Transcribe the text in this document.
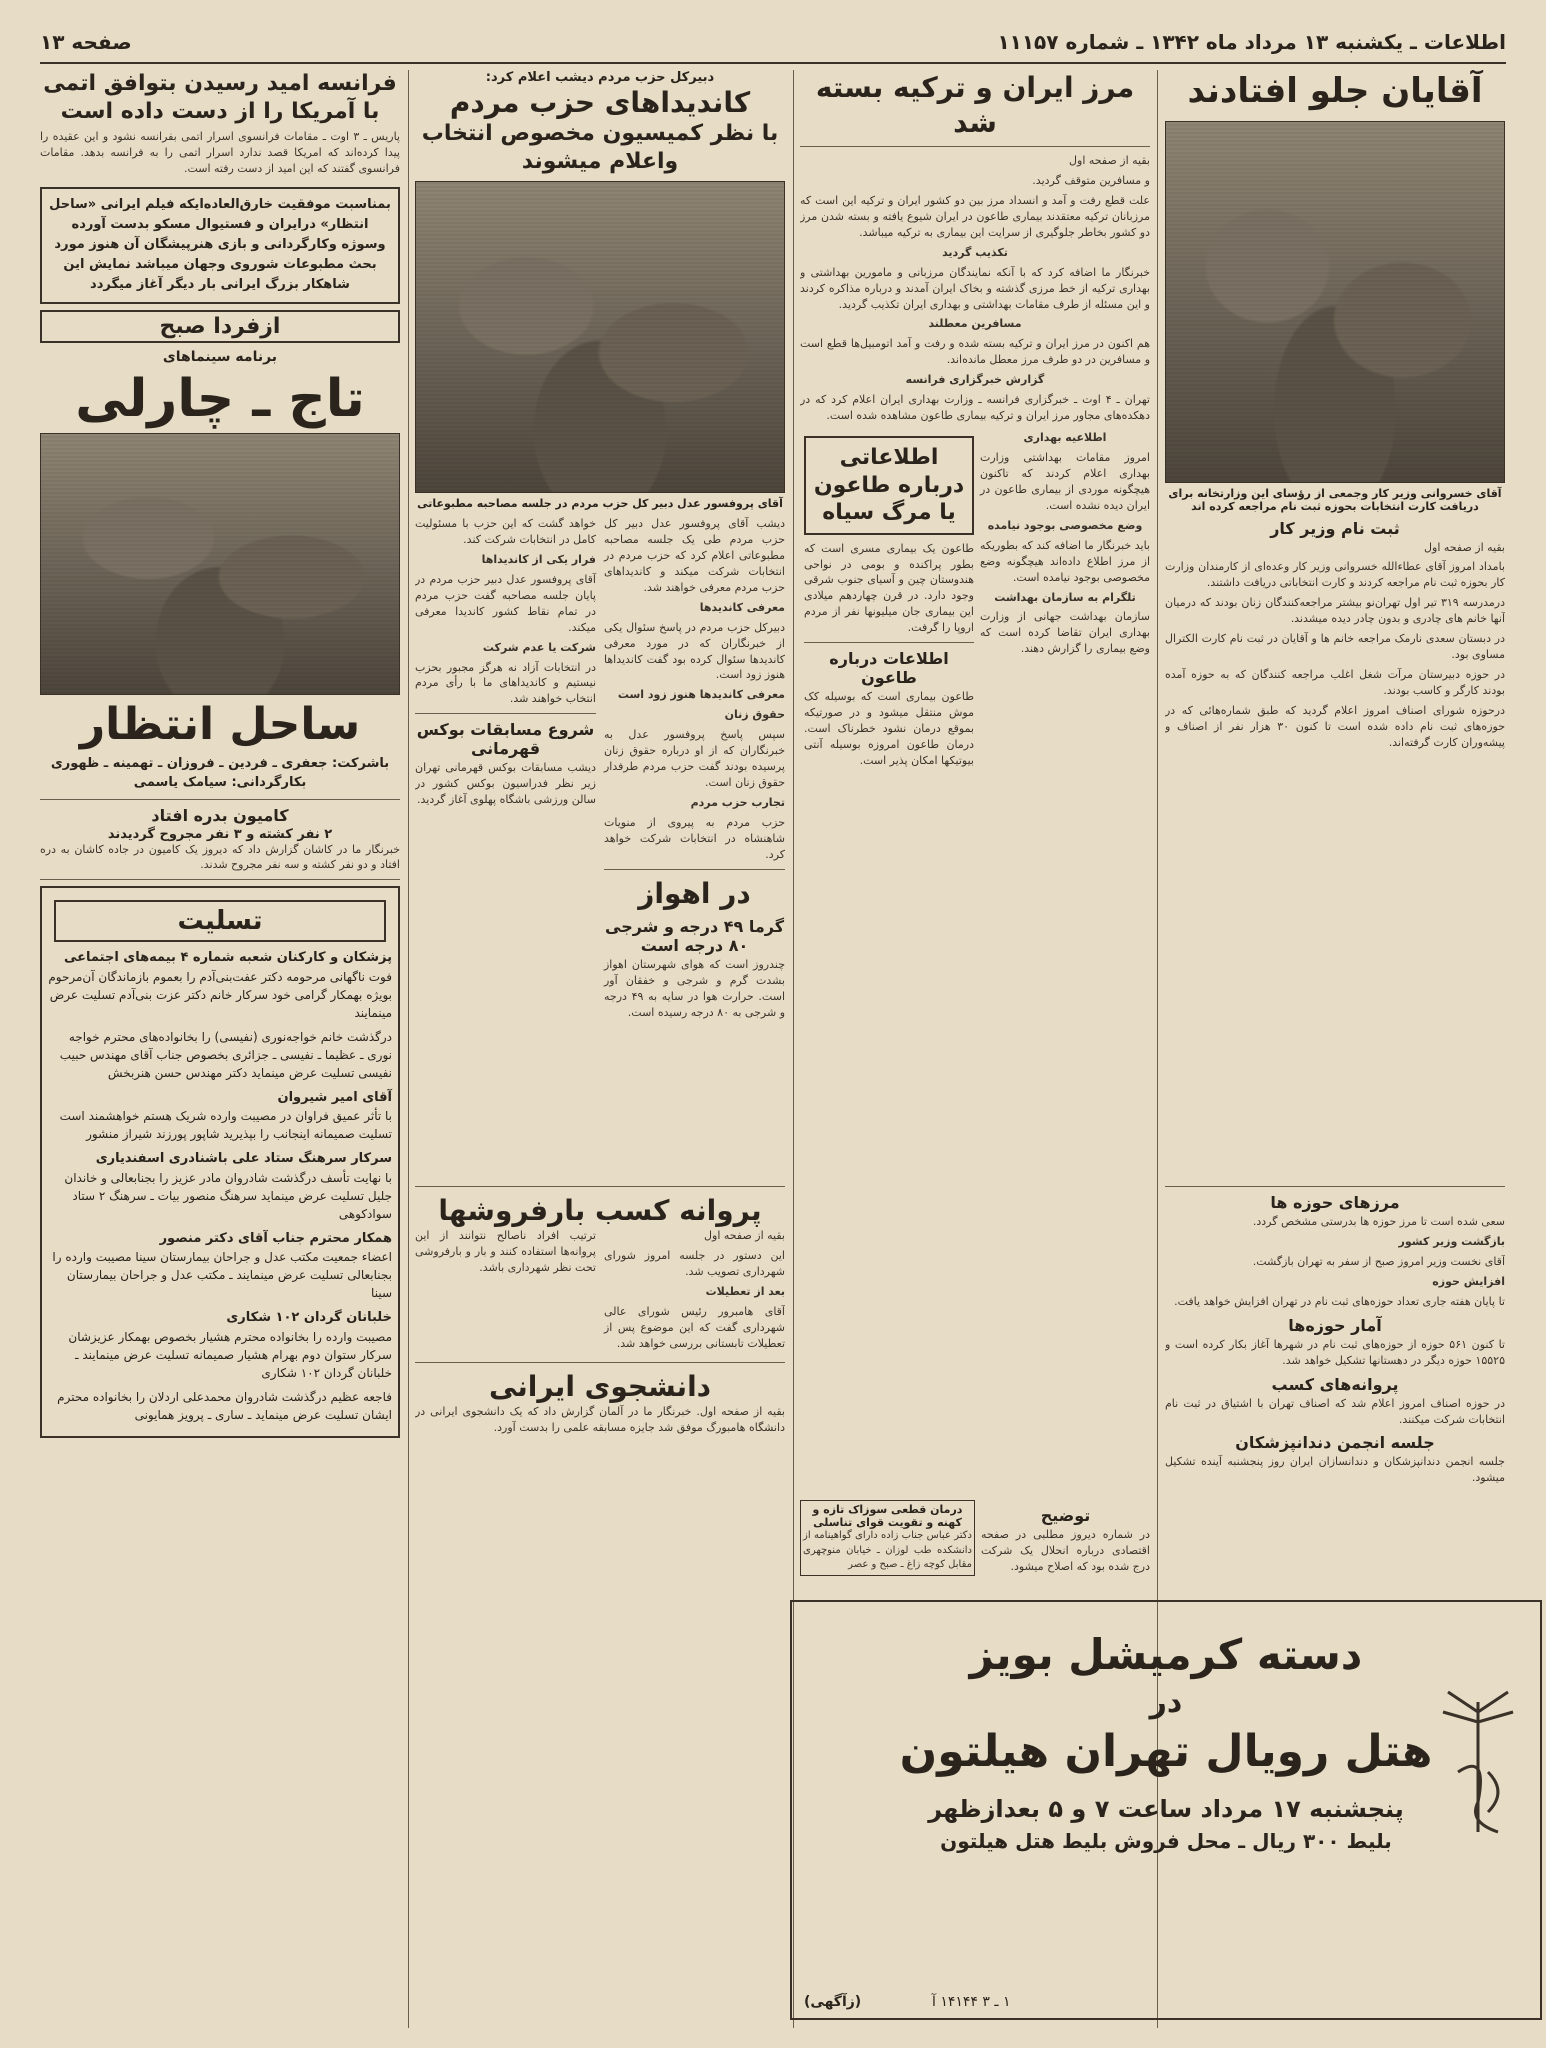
اطلاعات ـ یکشنبه ۱۳ مرداد ماه ۱۳۴۲ ـ شماره ۱۱۱۵۷
صفحه ۱۳
آقایان جلو افتادند
آقای خسروانی وزیر کار وجمعی از رؤسای این وزارتخانه برای دریافت کارت انتخابات بحوزه ثبت نام مراجعه کرده اند
ثبت نام وزیر کار

بقیه از صفحه اول

بامداد امروز آقای عطاءالله خسروانی وزیر کار وعده‌ای از کارمندان وزارت کار بحوزه ثبت نام مراجعه کردند و کارت انتخاباتی دریافت داشتند.

درمدرسه ۳۱۹ تیر اول تهران‌نو بیشتر مراجعه‌کنندگان زنان بودند که درمیان آنها خانم های چادری و بدون چادر دیده میشدند.

در دبستان سعدی نارمک مراجعه خانم ها و آقایان در ثبت نام کارت الکترال مساوی بود.

در حوزه دبیرستان مرآت شغل اغلب مراجعه کنندگان که به حوزه آمده بودند کارگر و کاسب بودند.

درحوزه شورای اصناف امروز اعلام گردید که طبق شماره‌هائی که در حوزه‌های ثبت نام داده شده است تا کنون ۳۰ هزار نفر از اصناف و پیشه‌وران کارت گرفته‌اند.

مرز ایران و ترکیه بسته شد

بقیه از صفحه اول

و مسافرین متوقف گردید.

علت قطع رفت و آمد و انسداد مرز بین دو کشور ایران و ترکیه این است که مرزبانان ترکیه معتقدند بیماری طاعون در ایران شیوع یافته و بسته شدن مرز دو کشور بخاطر جلوگیری از سرایت این بیماری به ترکیه میباشد.

تکذیب گردید

خبرنگار ما اضافه کرد که با آنکه نمایندگان مرزبانی و مامورین بهداشتی و بهداری ترکیه از خط مرزی گذشته و بخاک ایران آمدند و درباره مذاکره کردند و این مسئله از طرف مقامات بهداشتی و بهداری ایران تکذیب گردید.

مسافرین معطلند

هم اکنون در مرز ایران و ترکیه بسته شده و رفت و آمد اتومبیل‌ها قطع است و مسافرین در دو طرف مرز معطل مانده‌اند.

گزارش خبرگزاری فرانسه

تهران ـ ۴ اوت ـ خبرگزاری فرانسه ـ وزارت بهداری ایران اعلام کرد که در دهکده‌های مجاور مرز ایران و ترکیه بیماری طاعون مشاهده شده است.

اطلاعیه بهداری

امروز مقامات بهداشتی وزارت بهداری اعلام کردند که تاکنون هیچگونه موردی از بیماری طاعون در ایران دیده نشده است.

وضع مخصوصی بوجود نیامده

باید خبرنگار ما اضافه کند که بطوریکه از مرز اطلاع داده‌اند هیچگونه وضع مخصوصی بوجود نیامده است.

تلگرام به سازمان بهداشت

سازمان بهداشت جهانی از وزارت بهداری ایران تقاضا کرده است که وضع بیماری را گزارش دهند.

اطلاعاتی درباره طاعون یا مرگ سیاه
طاعون یک بیماری مسری است که بطور پراکنده و بومی در نواحی هندوستان چین و آسیای جنوب شرقی وجود دارد. در قرن چهاردهم میلادی این بیماری جان میلیونها نفر از مردم اروپا را گرفت.
اطلاعات درباره طاعون
طاعون بیماری است که بوسیله کک موش منتقل میشود و در صورتیکه بموقع درمان نشود خطرناک است. درمان طاعون امروزه بوسیله آنتی بیوتیکها امکان پذیر است.
دبیرکل حزب مردم دیشب اعلام کرد:
کاندیداهای حزب مردم
با نظر کمیسیون مخصوص انتخاب واعلام میشوند
آقای پروفسور عدل دبیر کل حزب مردم در جلسه مصاحبه مطبوعاتی

دیشب آقای پروفسور عدل دبیر کل حزب مردم طی یک جلسه مصاحبه مطبوعاتی اعلام کرد که حزب مردم در انتخابات شرکت میکند و کاندیداهای حزب مردم معرفی خواهند شد.

معرفی کاندیدها

دبیرکل حزب مردم در پاسخ سئوال یکی از خبرنگاران که در مورد معرفی کاندیدها سئوال کرده بود گفت کاندیداها هنوز زود است.

معرفی کاندیدها هنوز زود است

حقوق زنان

سپس پاسخ پروفسور عدل به خبرنگاران که از او درباره حقوق زنان پرسیده بودند گفت حزب مردم طرفدار حقوق زنان است.

تجارب حزب مردم

حزب مردم به پیروی از منویات شاهنشاه در انتخابات شرکت خواهد کرد.

در اهواز
گرما ۴۹ درجه و شرجی ۸۰ درجه است
چندروز است که هوای شهرستان اهواز بشدت گرم و شرجی و خفقان آور است. حرارت هوا در سایه به ۴۹ درجه و شرجی به ۸۰ درجه رسیده است.

خواهد گشت که این حزب با مسئولیت کامل در انتخابات شرکت کند.

فرار یکی از کاندیداها

آقای پروفسور عدل دبیر حزب مردم در پایان جلسه مصاحبه گفت حزب مردم در تمام نقاط کشور کاندیدا معرفی میکند.

شرکت یا عدم شرکت

در انتخابات آزاد نه هرگز مجبور بحزب نیستیم و کاندیداهای ما با رأی مردم انتخاب خواهند شد.

شروع مسابقات بوکس قهرمانی
دیشب مسابقات بوکس قهرمانی تهران زیر نظر فدراسیون بوکس کشور در سالن ورزشی باشگاه پهلوی آغاز گردید.
فرانسه امید رسیدن بتوافق اتمی با آمریکا را از دست داده است
پاریس ـ ۳ اوت ـ مقامات فرانسوی اسرار اتمی بفرانسه نشود و این عقیده را پیدا کرده‌اند که امریکا قصد ندارد اسرار اتمی را به فرانسه بدهد. مقامات فرانسوی گفتند که این امید از دست رفته است.
بمناسبت موفقیت خارق‌العاده‌ایکه فیلم ایرانی «ساحل انتظار» درایران و فستیوال مسکو بدست آورده وسوژه وکارگردانی و بازی هنرپیشگان آن هنوز مورد بحث مطبوعات شوروی وجهان میباشد نمایش این شاهکار بزرگ ایرانی بار دیگر آغاز میگردد
ازفردا صبح
برنامه سینماهای
تاج ـ چارلی
ساحل انتظار
باشرکت: جعفری ـ فردین ـ فروزان ـ تهمینه ـ ظهوری
بکارگردانی: سیامک یاسمی
کامیون بدره افتاد
۲ نفر کشته و ۳ نفر مجروح گردیدند
خبرنگار ما در کاشان گزارش داد که دیروز یک کامیون در جاده کاشان به دره افتاد و دو نفر کشته و سه نفر مجروح شدند.
تسلیت
پزشکان و کارکنان شعبه شماره ۴ بیمه‌های اجتماعی
فوت ناگهانی مرحومه دکتر عفت‌بنی‌آدم را بعموم بازماندگان آن‌مرحوم بویژه بهمکار گرامی خود سرکار خانم دکتر عزت بنی‌آدم تسلیت عرض مینمایند
درگذشت خانم خواجه‌نوری (نفیسی) را بخانواده‌های محترم خواجه نوری ـ عظیما ـ نفیسی ـ جزائری بخصوص جناب آقای مهندس حبیب نفیسی تسلیت عرض مینماید دکتر مهندس حسن هنربخش
آقای امیر شیروان
با تأثر عمیق فراوان در مصیبت وارده شریک هستم خواهشمند است تسلیت صمیمانه اینجانب را بپذیرید شاپور پورزند شیراز منشور
سرکار سرهنگ ستاد علی باشنادری اسفندیاری
با نهایت تأسف درگذشت شادروان مادر عزیز را بجنابعالی و خاندان جلیل تسلیت عرض مینماید سرهنگ منصور بیات ـ سرهنگ ۲ ستاد سوادکوهی
همکار محترم جناب آقای دکتر منصور
اعضاء جمعیت مکتب عدل و جراحان بیمارستان سینا مصیبت وارده را بجنابعالی تسلیت عرض مینمایند ـ مکتب عدل و جراحان بیمارستان سینا
خلبانان گردان ۱۰۲ شکاری
مصیبت وارده را بخانواده محترم هشیار بخصوص بهمکار عزیزشان سرکار ستوان دوم بهرام هشیار صمیمانه تسلیت عرض مینمایند ـ خلبانان گردان ۱۰۲ شکاری
فاجعه عظیم درگذشت شادروان محمدعلی اردلان را بخانواده محترم ایشان تسلیت عرض مینماید ـ ساری ـ پرویز همایونی
پروانه کسب بارفروشها

بقیه از صفحه اول

این دستور در جلسه امروز شورای شهرداری تصویب شد.

بعد از تعطیلات

آقای هامبرور رئیس شورای عالی شهرداری گفت که این موضوع پس از تعطیلات تابستانی بررسی خواهد شد.

ترتیب افراد ناصالح نتوانند از این پروانه‌ها استفاده کنند و بار و بارفروشی تحت نظر شهرداری باشد.

دانشجوی ایرانی
بقیه از صفحه اول. خبرنگار ما در آلمان گزارش داد که یک دانشجوی ایرانی در دانشگاه هامبورگ موفق شد جایزه مسابقه علمی را بدست آورد.
توضیح
در شماره دیروز مطلبی در صفحه اقتصادی درباره انحلال یک شرکت درج شده بود که اصلاح میشود.
درمان قطعی سوزاک تازه و کهنه و تقویت قوای تناسلی
دکتر عباس جناب زاده دارای گواهینامه از دانشکده طب لوزان ـ خیابان منوچهری مقابل کوچه زاغ ـ صبح و عصر
مرزهای حوزه ها

سعی شده است تا مرز حوزه ها بدرستی مشخص گردد.

بازگشت وزیر کشور

آقای نخست وزیر امروز صبح از سفر به تهران بازگشت.

افزایش حوزه

تا پایان هفته جاری تعداد حوزه‌های ثبت نام در تهران افزایش خواهد یافت.

آمار حوزه‌ها
تا کنون ۵۶۱ حوزه از حوزه‌های ثبت نام در شهرها آغاز بکار کرده است و ۱۵۵۲۵ حوزه دیگر در دهستانها تشکیل خواهد شد.
پروانه‌های کسب
در حوزه اصناف امروز اعلام شد که اصناف تهران با اشتیاق در ثبت نام انتخابات شرکت میکنند.
جلسه انجمن دندانپزشکان
جلسه انجمن دندانپزشکان و دندانسازان ایران روز پنجشنبه آینده تشکیل میشود.
دسته کرمیشل بویز
در
هتل رویال تهران هیلتون
پنجشنبه ۱۷ مرداد ساعت ۷ و ۵ بعدازظهر
بلیط ۳۰۰ ریال ـ محل فروش بلیط هتل هیلتون
(زآگهی)	۱ ـ ۳ ۱۴۱۴۴ آ
